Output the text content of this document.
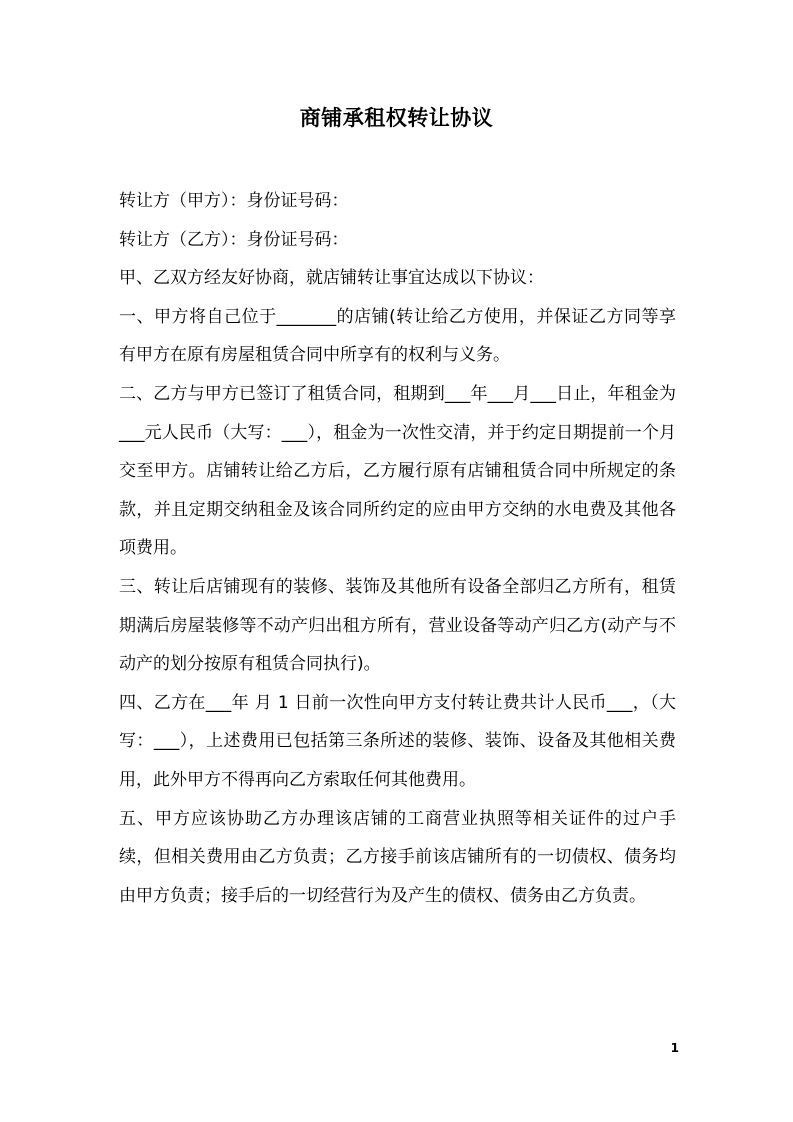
商铺承租权转让协议

转让方（甲方）：身份证号码：

转让方（乙方）：身份证号码：

甲、乙双方经友好协商，就店铺转让事宜达成以下协议：

一、甲方将自己位于_______的店铺(转让给乙方使用，并保证乙方同等享有甲方在原有房屋租赁合同中所享有的权利与义务。

二、乙方与甲方已签订了租赁合同，租期到___年___月___日止，年租金为___元人民币（大写：___），租金为一次性交清，并于约定日期提前一个月交至甲方。店铺转让给乙方后，乙方履行原有店铺租赁合同中所规定的条款，并且定期交纳租金及该合同所约定的应由甲方交纳的水电费及其他各项费用。

三、转让后店铺现有的装修、装饰及其他所有设备全部归乙方所有，租赁期满后房屋装修等不动产归出租方所有，营业设备等动产归乙方(动产与不动产的划分按原有租赁合同执行)。

四、乙方在___年 月 1 日前一次性向甲方支付转让费共计人民币___，（大写：___），上述费用已包括第三条所述的装修、装饰、设备及其他相关费用，此外甲方不得再向乙方索取任何其他费用。

五、甲方应该协助乙方办理该店铺的工商营业执照等相关证件的过户手续，但相关费用由乙方负责；乙方接手前该店铺所有的一切债权、债务均由甲方负责；接手后的一切经营行为及产生的债权、债务由乙方负责。

1
